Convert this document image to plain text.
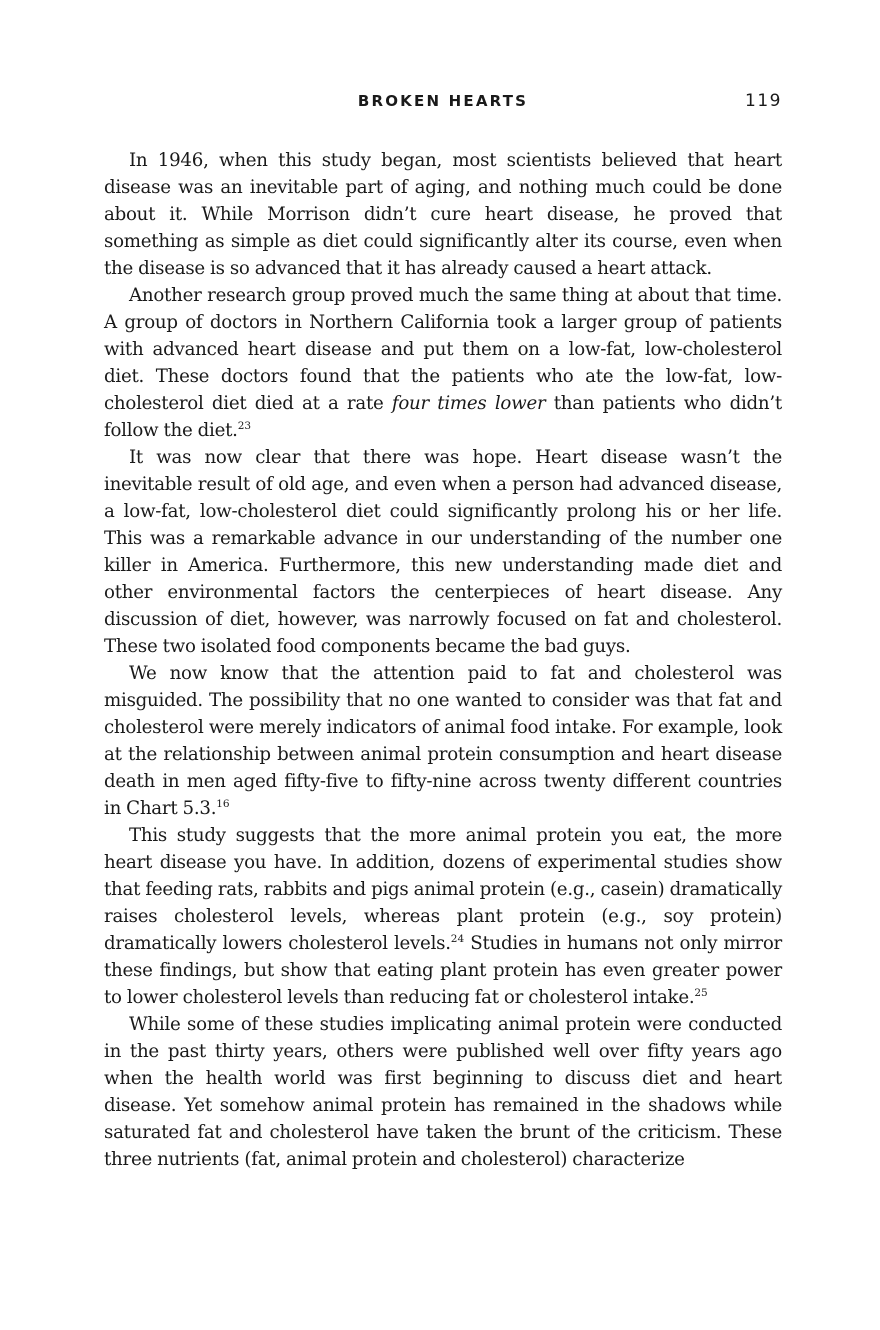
BROKEN HEARTS	119

In 1946, when this study began, most scientists believed that heart disease was an inevitable part of aging, and nothing much could be done about it. While Morrison didn’t cure heart disease, he proved that something as simple as diet could significantly alter its course, even when the disease is so advanced that it has already caused a heart attack.

Another research group proved much the same thing at about that time. A group of doctors in Northern California took a larger group of patients with advanced heart disease and put them on a low-fat, low-cholesterol diet. These doctors found that the patients who ate the low-fat, low-cholesterol diet died at a rate four times lower than patients who didn’t follow the diet.$^{23}$

It was now clear that there was hope. Heart disease wasn’t the inevitable result of old age, and even when a person had advanced disease, a low-fat, low-cholesterol diet could significantly prolong his or her life. This was a remarkable advance in our understanding of the number one killer in America. Furthermore, this new understanding made diet and other environmental factors the centerpieces of heart disease. Any discussion of diet, however, was narrowly focused on fat and cholesterol. These two isolated food components became the bad guys.

We now know that the attention paid to fat and cholesterol was misguided. The possibility that no one wanted to consider was that fat and cholesterol were merely indicators of animal food intake. For example, look at the relationship between animal protein consumption and heart disease death in men aged fifty-five to fifty-nine across twenty different countries in Chart 5.3.16

This study suggests that the more animal protein you eat, the more heart disease you have. In addition, dozens of experimental studies show that feeding rats, rabbits and pigs animal protein (e.g., casein) dramatically raises cholesterol levels, whereas plant protein (e.g., soy protein) dramatically lowers cholesterol levels.$^{24}$ Studies in humans not only mirror these findings, but show that eating plant protein has even greater power to lower cholesterol levels than reducing fat or cholesterol intake.$^{25}$

While some of these studies implicating animal protein were conducted in the past thirty years, others were published well over fifty years ago when the health world was first beginning to discuss diet and heart disease. Yet somehow animal protein has remained in the shadows while saturated fat and cholesterol have taken the brunt of the criticism. These three nutrients (fat, animal protein and cholesterol) characterize
